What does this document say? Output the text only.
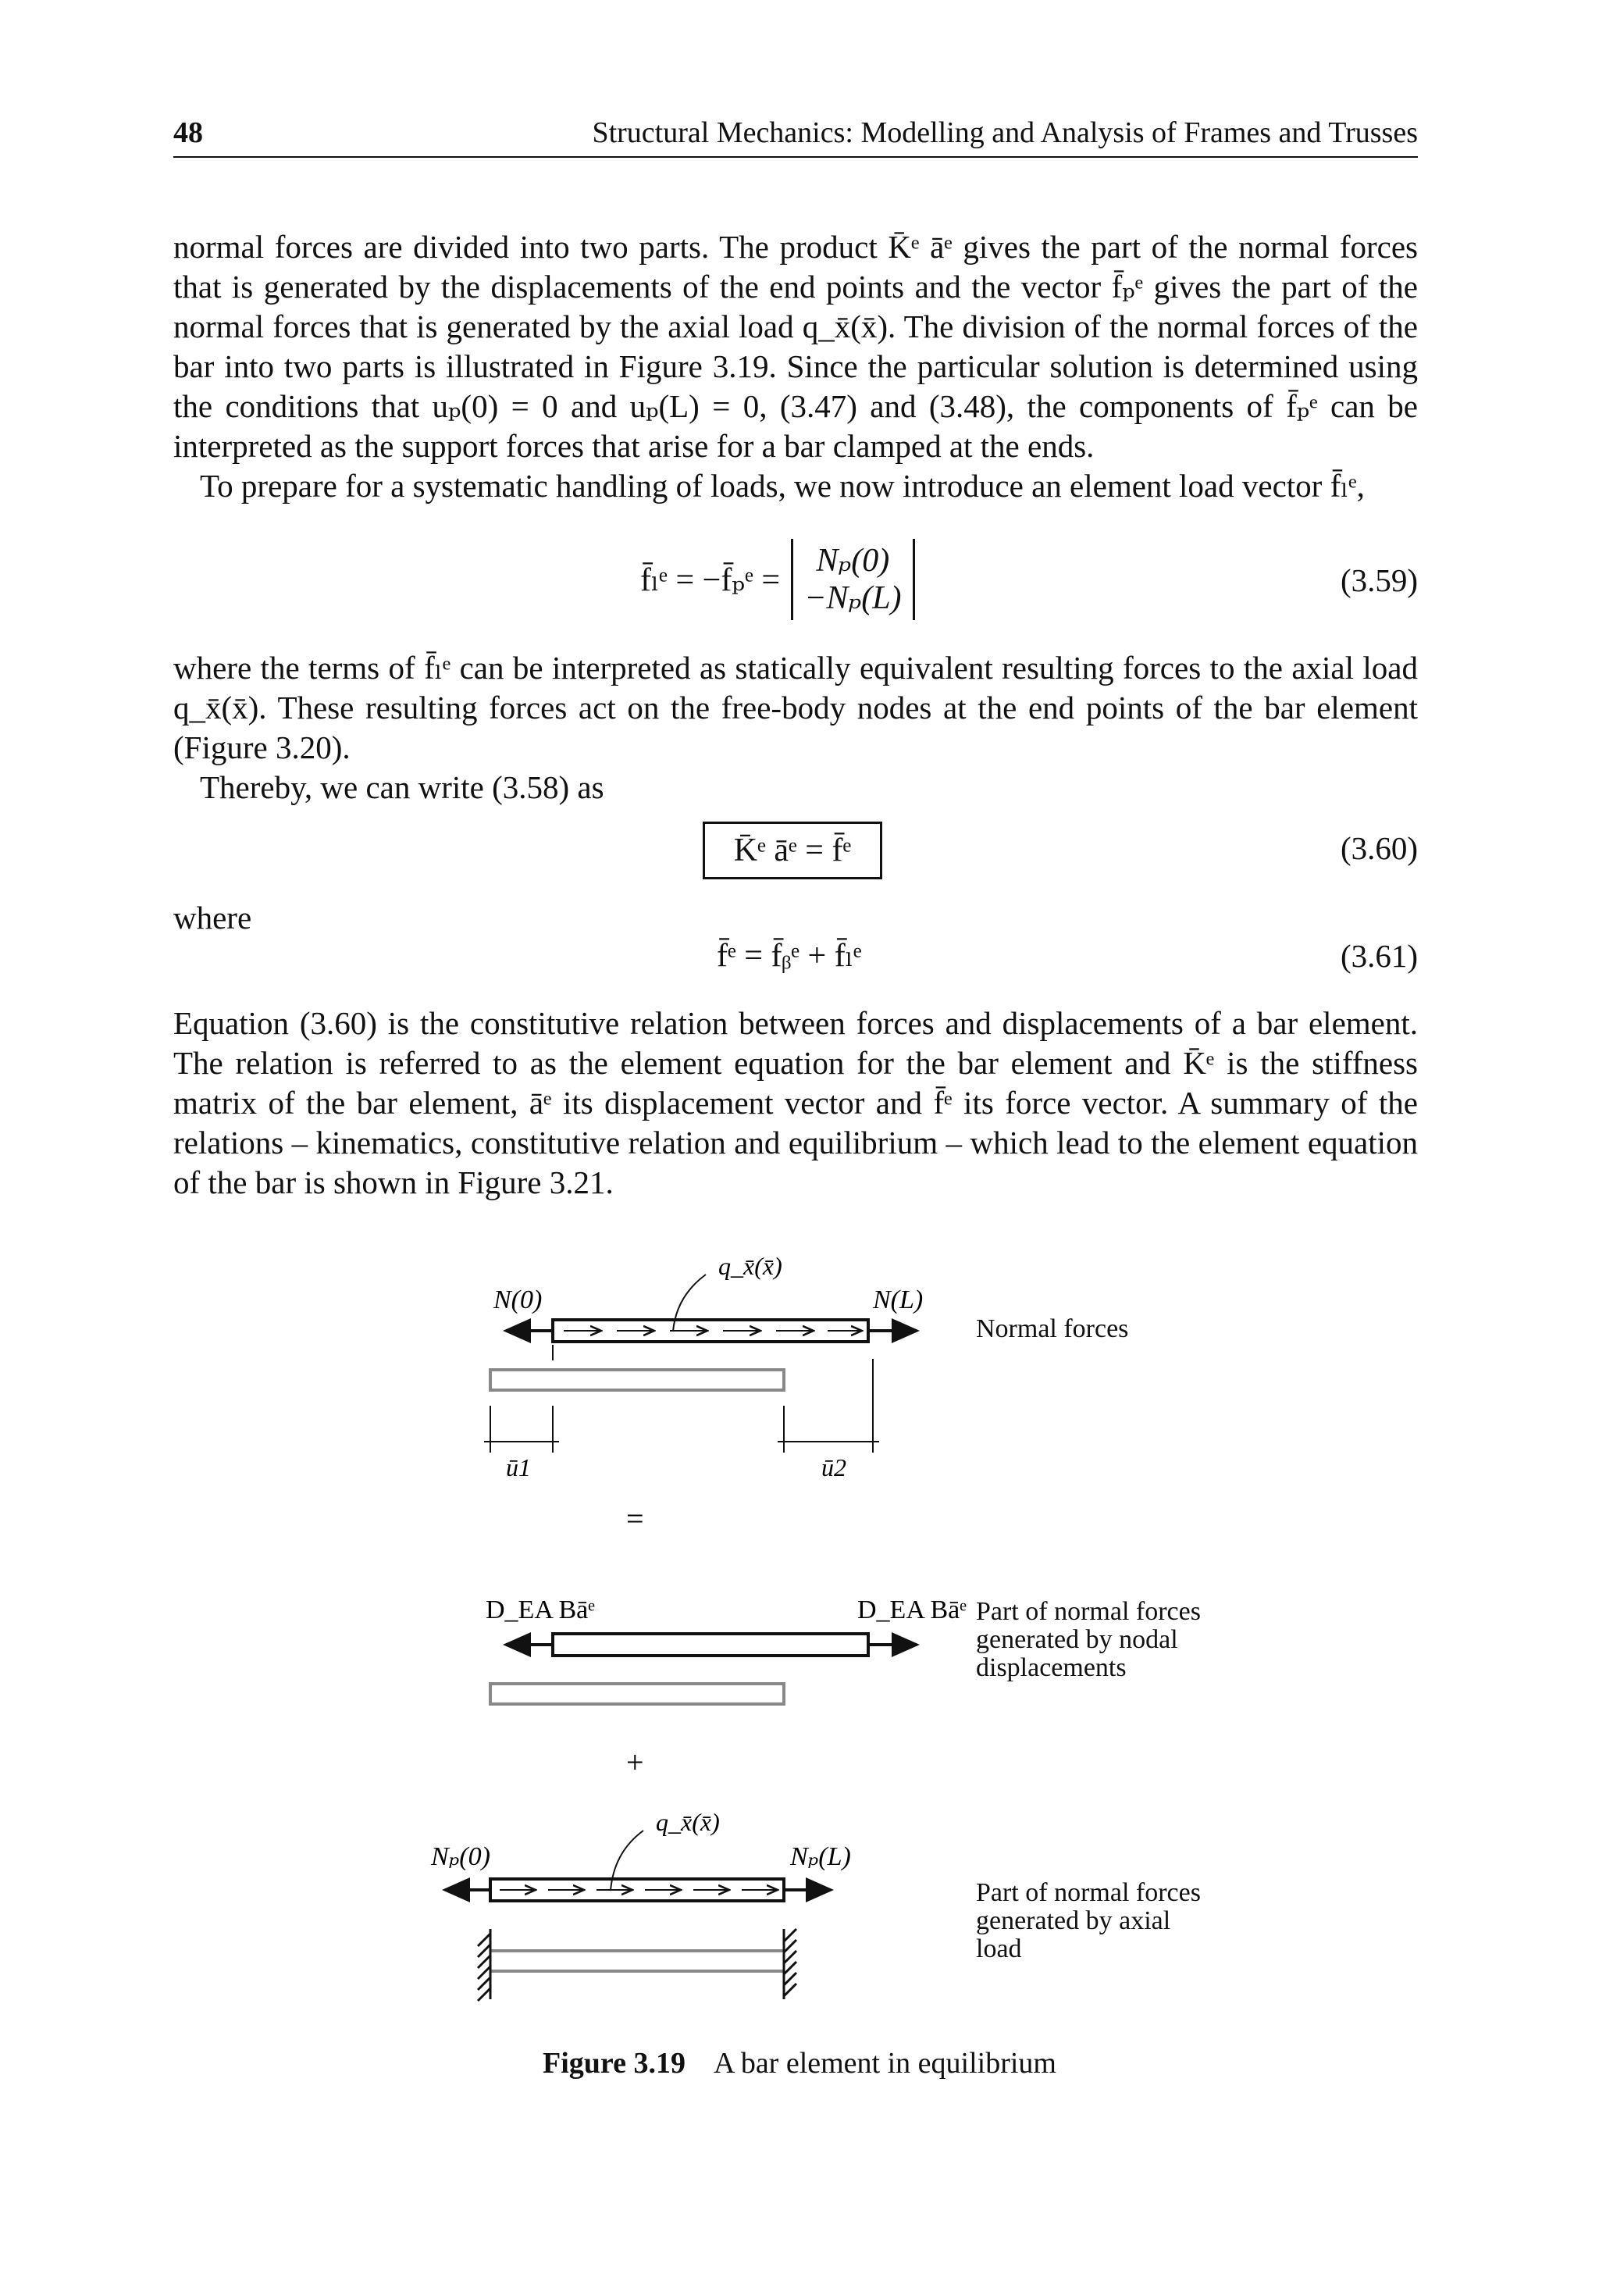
48	Structural Mechanics: Modelling and Analysis of Frames and Trusses

normal forces are divided into two parts. The product K̄ᵉ āᵉ gives the part of the normal forces that is generated by the displacements of the end points and the vector f̄ₚᵉ gives the part of the normal forces that is generated by the axial load q_x̄(x̄). The division of the normal forces of the bar into two parts is illustrated in Figure 3.19. Since the particular solution is determined using the conditions that uₚ(0) = 0 and uₚ(L) = 0, (3.47) and (3.48), the components of f̄ₚᵉ can be interpreted as the support forces that arise for a bar clamped at the ends.

To prepare for a systematic handling of loads, we now introduce an element load vector f̄ₗᵉ,

f̄ₗᵉ = −f̄ₚᵉ =
Nₚ(0)
−Nₚ(L)	(3.59)

where the terms of f̄ₗᵉ can be interpreted as statically equivalent resulting forces to the axial load q_x̄(x̄). These resulting forces act on the free-body nodes at the end points of the bar element (Figure 3.20).

Thereby, we can write (3.58) as

K̄ᵉ āᵉ = f̄ᵉ	(3.60)

where

f̄ᵉ = f̄ᵦᵉ + f̄ₗᵉ	(3.61)

Equation (3.60) is the constitutive relation between forces and displacements of a bar element. The relation is referred to as the element equation for the bar element and K̄ᵉ is the stiffness matrix of the bar element, āᵉ its displacement vector and f̄ᵉ its force vector. A summary of the relations – kinematics, constitutive relation and equilibrium – which lead to the element equation of the bar is shown in Figure 3.21.

q_x̄(x̄)
N(0)	N(L)
ū1	ū2
=
D_EA Bāᵉ	D_EA Bāᵉ
+
q_x̄(x̄)
Nₚ(0)	Nₚ(L)
Normal forces
Part of normal forces generated by nodal displacements
Part of normal forces generated by axial load
Figure 3.19 A bar element in equilibrium
